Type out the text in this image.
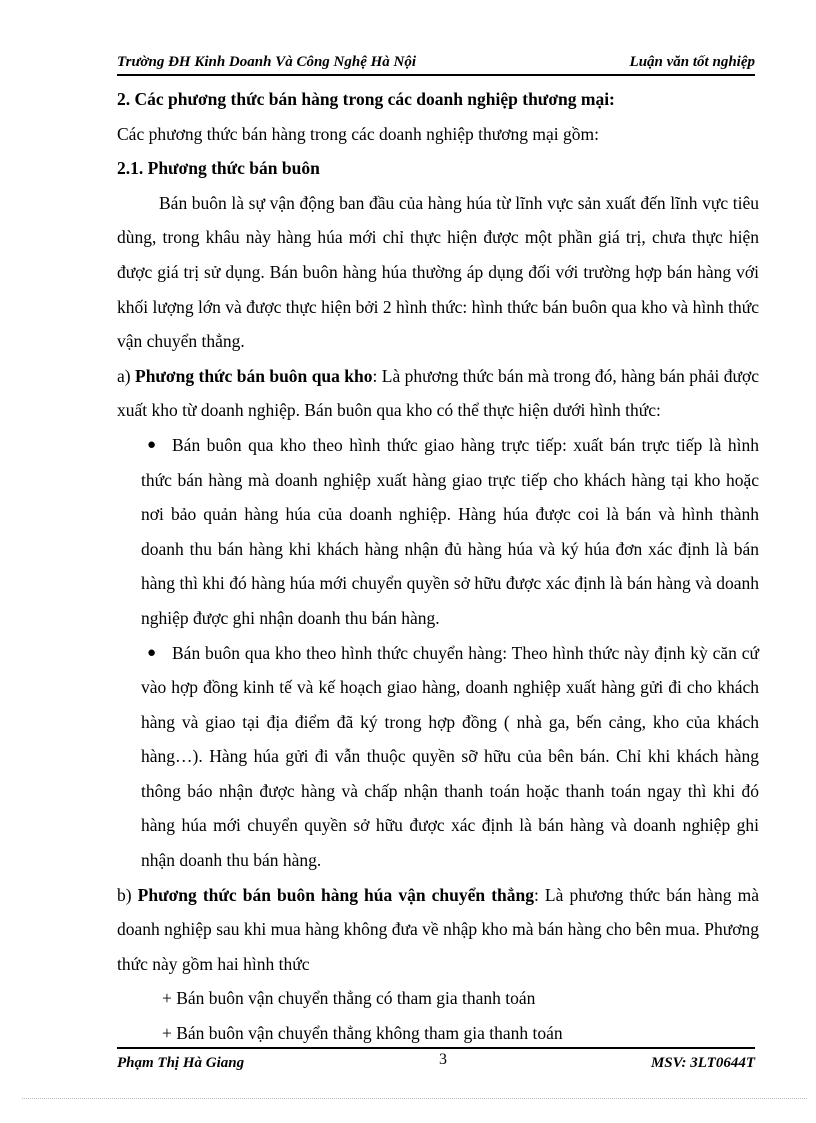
Trường ĐH Kinh Doanh Và Công Nghệ Hà Nội	Luận văn tốt nghiệp

2. Các phương thức bán hàng trong các doanh nghiệp thương mại:

Các phương thức bán hàng trong các doanh nghiệp thương mại gồm:

2.1. Phương thức bán buôn

Bán buôn là sự vận động ban đầu của hàng húa từ lĩnh vực sản xuất đến lĩnh vực tiêu dùng, trong khâu này hàng húa mới chỉ thực hiện được một phần giá trị, chưa thực hiện được giá trị sử dụng. Bán buôn hàng húa thường áp dụng đối với trường hợp bán hàng với khối lượng lớn và được thực hiện bởi 2 hình thức: hình thức bán buôn qua kho và hình thức vận chuyển thẳng.

a) Phương thức bán buôn qua kho: Là phương thức bán mà trong đó, hàng bán phải được xuất kho từ doanh nghiệp. Bán buôn qua kho có thể thực hiện dưới hình thức:

● Bán buôn qua kho theo hình thức giao hàng trực tiếp: xuất bán trực tiếp là hình thức bán hàng mà doanh nghiệp xuất hàng giao trực tiếp cho khách hàng tại kho hoặc nơi bảo quản hàng húa của doanh nghiệp. Hàng húa được coi là bán và hình thành doanh thu bán hàng khi khách hàng nhận đủ hàng húa và ký húa đơn xác định là bán hàng thì khi đó hàng húa mới chuyển quyền sở hữu được xác định là bán hàng và doanh nghiệp được ghi nhận doanh thu bán hàng.

● Bán buôn qua kho theo hình thức chuyển hàng: Theo hình thức này định kỳ căn cứ vào hợp đồng kinh tế và kế hoạch giao hàng, doanh nghiệp xuất hàng gửi đi cho khách hàng và giao tại địa điểm đã ký trong hợp đồng ( nhà ga, bến cảng, kho của khách hàng…). Hàng húa gửi đi vẫn thuộc quyền sỡ hữu của bên bán. Chỉ khi khách hàng thông báo nhận được hàng và chấp nhận thanh toán hoặc thanh toán ngay thì khi đó hàng húa mới chuyển quyền sở hữu được xác định là bán hàng và doanh nghiệp ghi nhận doanh thu bán hàng.

b) Phương thức bán buôn hàng húa vận chuyển thẳng: Là phương thức bán hàng mà doanh nghiệp sau khi mua hàng không đưa về nhập kho mà bán hàng cho bên mua. Phương thức này gồm hai hình thức

+ Bán buôn vận chuyển thẳng có tham gia thanh toán

+ Bán buôn vận chuyển thẳng không tham gia thanh toán

Phạm Thị Hà Giang	3	MSV: 3LT0644T
